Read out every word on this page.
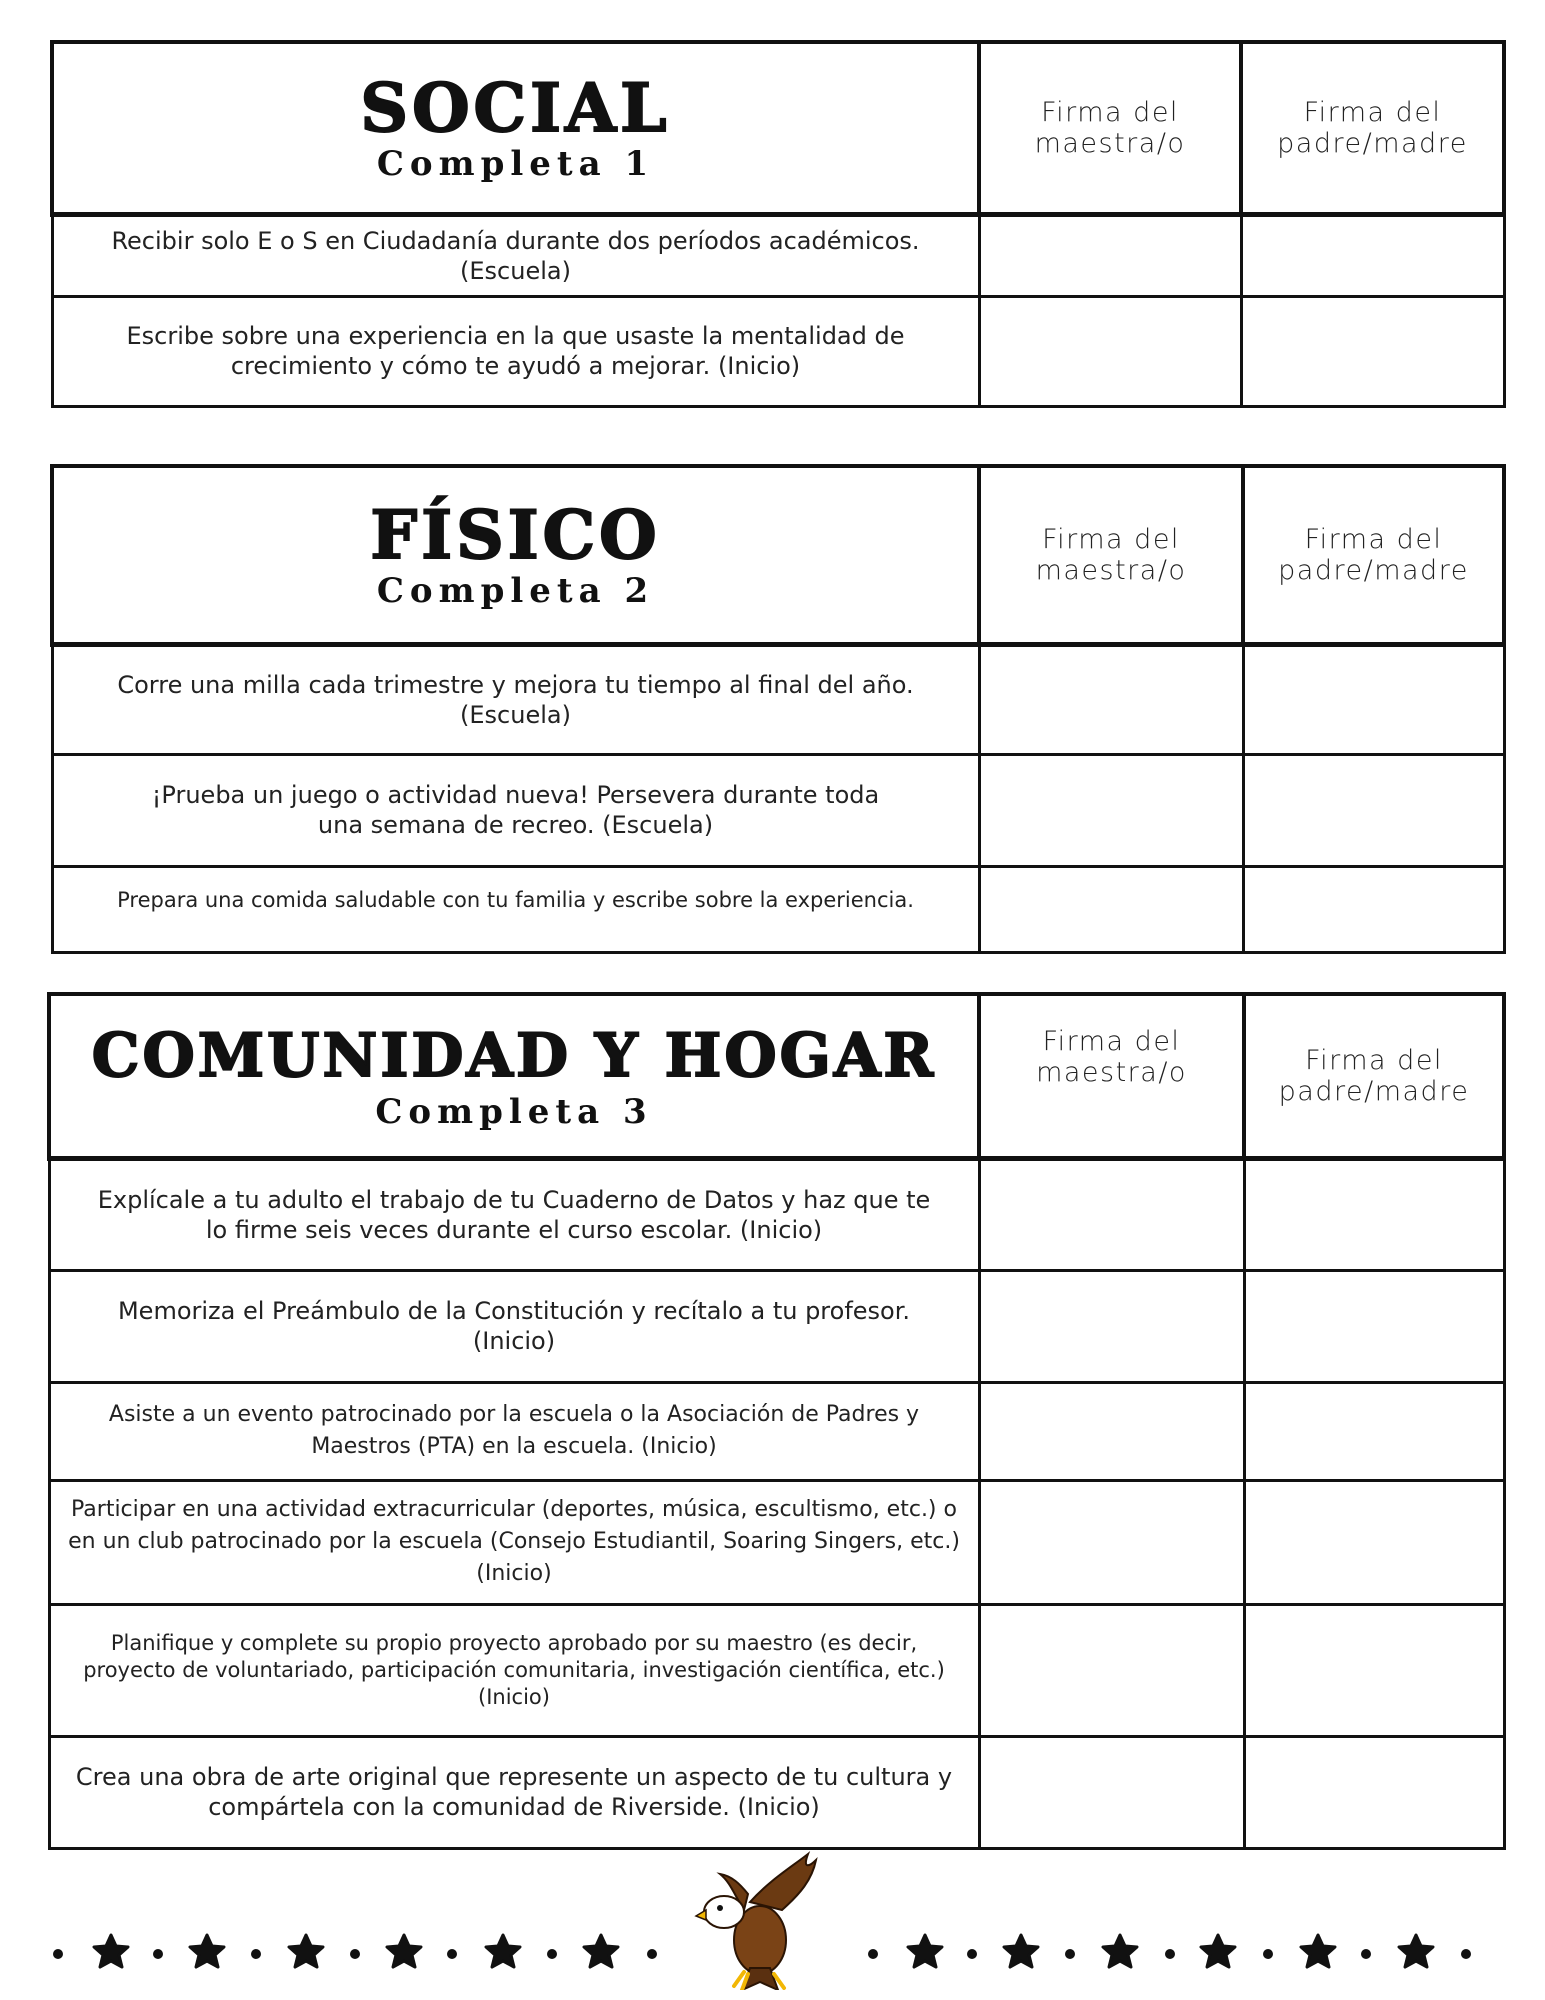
SOCIAL
Completa 1	Firma del maestra/o	Firma del padre/madre

Recibir solo E o S en Ciudadanía durante dos períodos académicos. (Escuela)		

Escribe sobre una experiencia en la que usaste la mentalidad de crecimiento y cómo te ayudó a mejorar. (Inicio)		

FÍSICO
Completa 2	Firma del maestra/o	Firma del padre/madre

Corre una milla cada trimestre y mejora tu tiempo al final del año. (Escuela)		

¡Prueba un juego o actividad nueva! Persevera durante toda una semana de recreo. (Escuela)		

Prepara una comida saludable con tu familia y escribe sobre la experiencia.		

COMUNIDAD Y HOGAR
Completa 3	Firma del maestra/o	Firma del padre/madre

Explícale a tu adulto el trabajo de tu Cuaderno de Datos y haz que te lo firme seis veces durante el curso escolar. (Inicio)		

Memoriza el Preámbulo de la Constitución y recítalo a tu profesor. (Inicio)		

Asiste a un evento patrocinado por la escuela o la Asociación de Padres y Maestros (PTA) en la escuela. (Inicio)		

Participar en una actividad extracurricular (deportes, música, escultismo, etc.) o en un club patrocinado por la escuela (Consejo Estudiantil, Soaring Singers, etc.) (Inicio)		

Planifique y complete su propio proyecto aprobado por su maestro (es decir, proyecto de voluntariado, participación comunitaria, investigación científica, etc.) (Inicio)		

Crea una obra de arte original que represente un aspecto de tu cultura y compártela con la comunidad de Riverside. (Inicio)		
